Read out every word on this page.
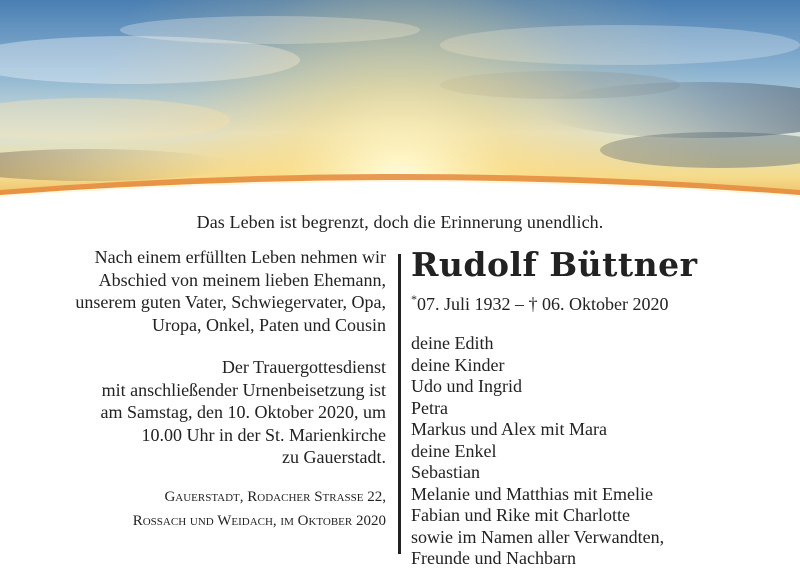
Das Leben ist begrenzt, doch die Erinnerung unendlich.

Nach einem erfüllten Leben nehmen wir

Abschied von meinem lieben Ehemann,

unserem guten Vater, Schwiegervater, Opa,

Uropa, Onkel, Paten und Cousin

Der Trauergottesdienst

mit anschließender Urnenbeisetzung ist

am Samstag, den 10. Oktober 2020, um

10.00 Uhr in der St. Marienkirche

zu Gauerstadt.

Gauerstadt, Rodacher Strasse 22,

Rossach und Weidach, im Oktober 2020

Rudolf Büttner
*07. Juli 1932 – † 06. Oktober 2020
deine Edith
deine Kinder
Udo und Ingrid
Petra
Markus und Alex mit Mara
deine Enkel
Sebastian
Melanie und Matthias mit Emelie
Fabian und Rike mit Charlotte
sowie im Namen aller Verwandten,
Freunde und Nachbarn
